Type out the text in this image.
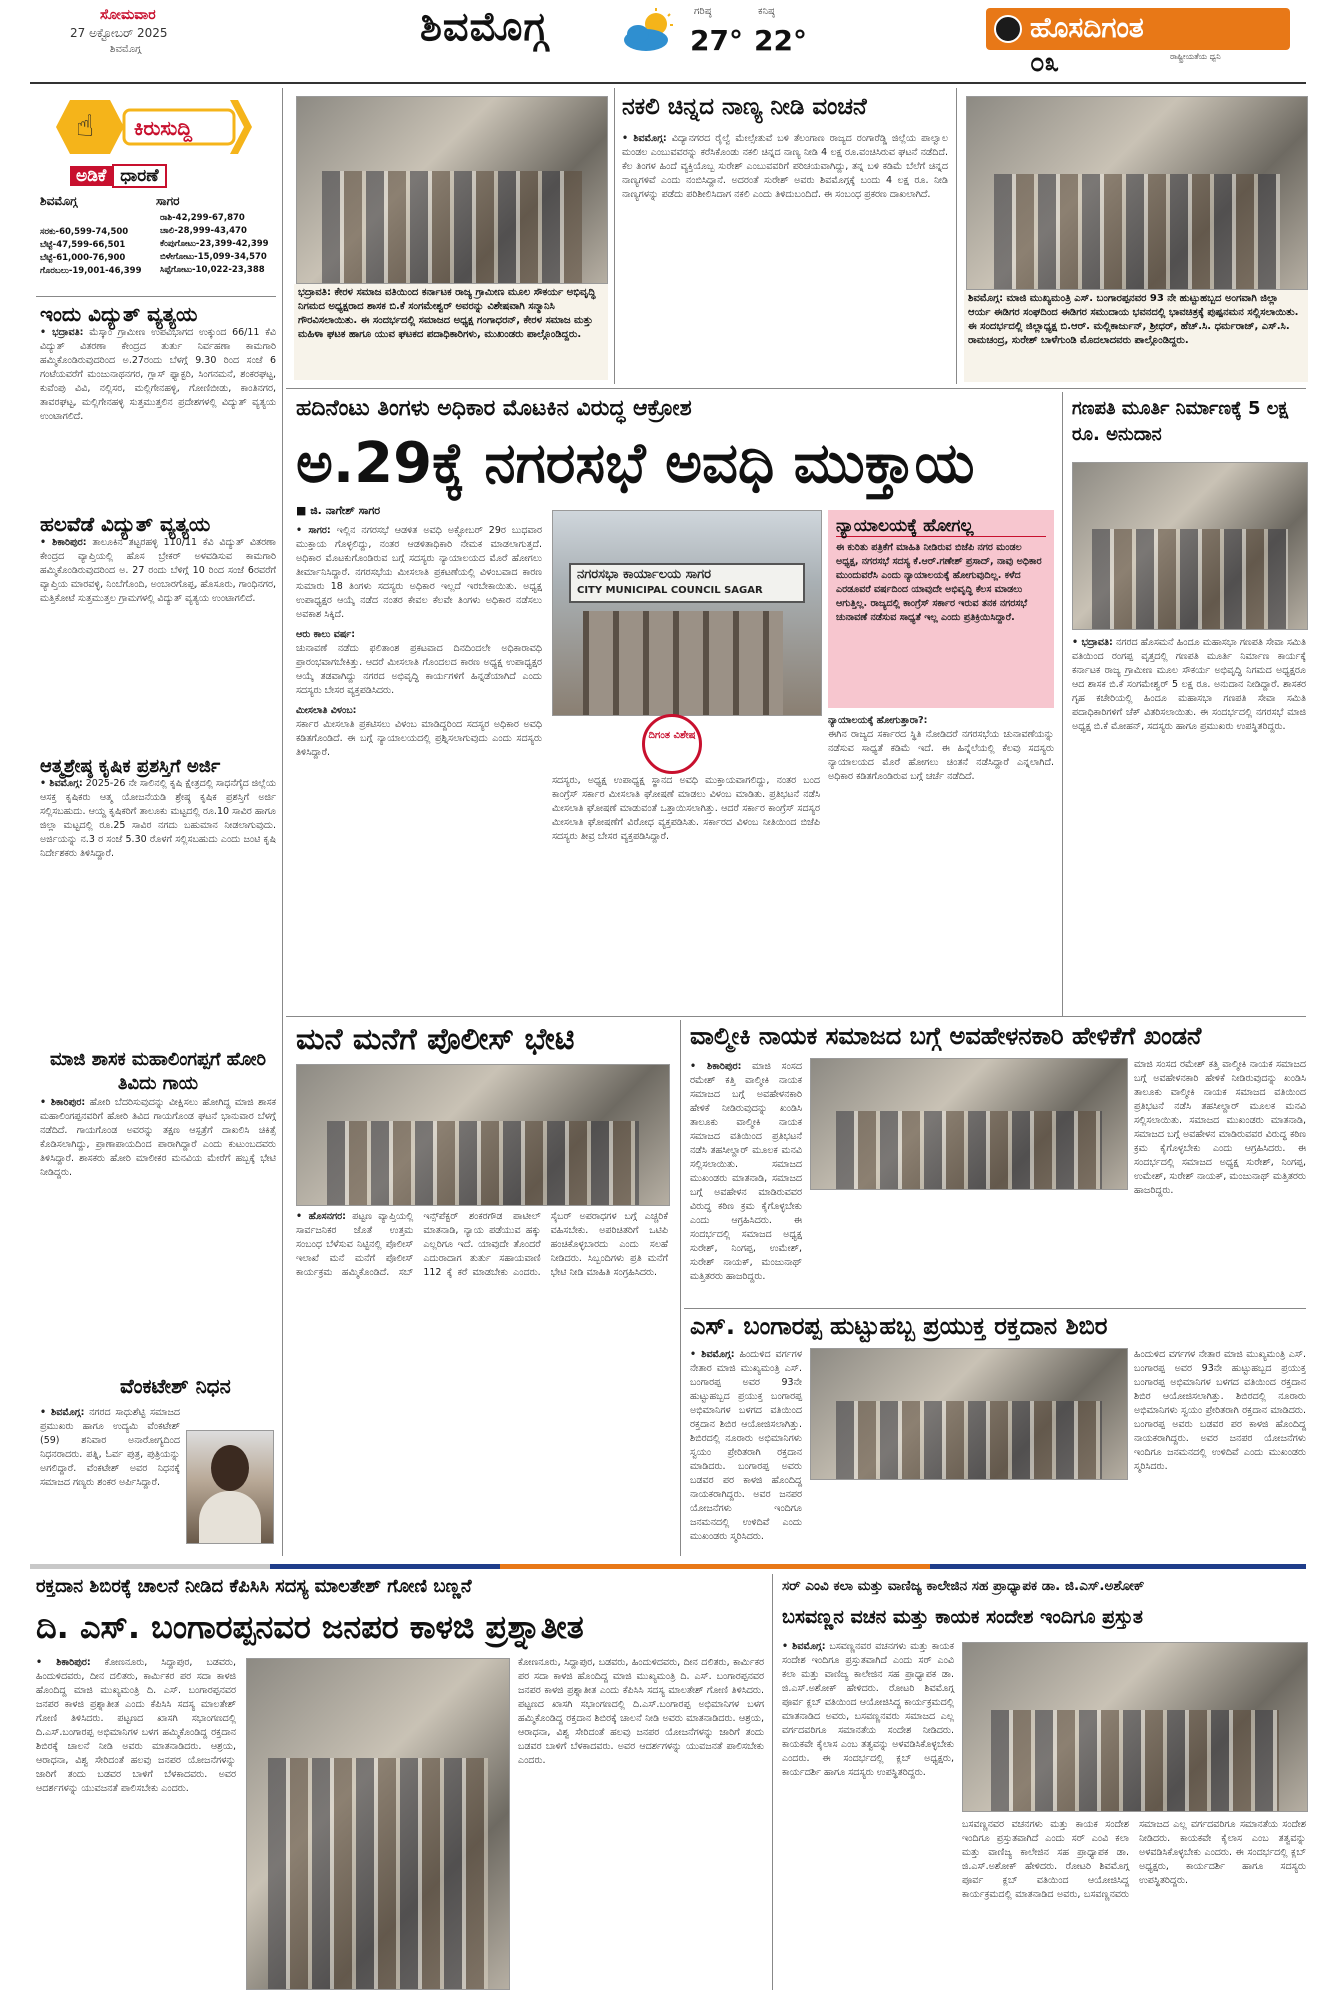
ಸೋಮವಾರ
27 ಅಕ್ಟೋಬರ್ 2025
ಶಿವಮೊಗ್ಗ	ಶಿವಮೊಗ್ಗ	ಗರಿಷ್ಠ
27°
ಕನಿಷ್ಠ
22°	ಹೊಸದಿಗಂತ
ರಾಷ್ಟ್ರೀಯತೆಯ ಧ್ವನಿ
೦೩
☝ ಕಿರುಸುದ್ದಿ
ಅಡಿಕೆ ಧಾರಣೆ
ಶಿವಮೊಗ್ಗ	ಸಾಗರ
ಸರಕು-60,599-74,500
ಬೆಟ್ಟೆ-47,599-66,501
ಬೆಟ್ಟೆ-61,000-76,900
ಗೊರಬಲು-19,001-46,399
ರಾಶಿ-42,299-67,870
ಚಾಲಿ-28,999-43,470
ಕೆಂಪುಗೋಟು-23,399-42,399
ಬಿಳೇಗೋಟು-15,099-34,570
ಸಿಪ್ಪೆಗೋಟು-10,022-23,388
ಇಂದು ವಿದ್ಯುತ್ ವ್ಯತ್ಯಯ
• ಭದ್ರಾವತಿ: ಮೆಸ್ಕಾಂ ಗ್ರಾಮೀಣ ಉಪವಿಭಾಗದ ಉಕ್ಕುಂದ 66/11 ಕೆವಿ ವಿದ್ಯುತ್ ವಿತರಣಾ ಕೇಂದ್ರದ ತುರ್ತು ನಿರ್ವಹಣಾ ಕಾಮಗಾರಿ ಹಮ್ಮಿಕೊಂಡಿರುವುದರಿಂದ ಅ.27ರಂದು ಬೆಳಗ್ಗೆ 9.30 ರಿಂದ ಸಂಜೆ 6 ಗಂಟೆಯವರೆಗೆ ಮಂಜುನಾಥನಗರ, ಗ್ಲಾಸ್ ಫ್ಯಾಕ್ಟರಿ, ಸಿಂಗನಮನೆ, ಶಂಕರಘಟ್ಟ, ಕುವೆಂಪು ವಿವಿ, ನಲ್ಲಿಸರ, ಮಲ್ಲಿಗೇನಹಳ್ಳಿ, ಗೋಣಿಬೀಡು, ಕಾಂತಿನಗರ, ತಾವರಘಟ್ಟ, ಮಲ್ಲಿಗೇನಹಳ್ಳಿ ಸುತ್ತಮುತ್ತಲಿನ ಪ್ರದೇಶಗಳಲ್ಲಿ ವಿದ್ಯುತ್ ವ್ಯತ್ಯಯ ಉಂಟಾಗಲಿದೆ.
ಹಲವೆಡೆ ವಿದ್ಯುತ್ ವ್ಯತ್ಯಯ
• ಶಿಕಾರಿಪುರ: ತಾಲೂಕಿನ ತಟ್ಟರಹಳ್ಳಿ 110/11 ಕೆವಿ ವಿದ್ಯುತ್ ವಿತರಣಾ ಕೇಂದ್ರದ ವ್ಯಾಪ್ತಿಯಲ್ಲಿ ಹೊಸ ಬ್ರೇಕರ್ ಅಳವಡಿಸುವ ಕಾಮಗಾರಿ ಹಮ್ಮಿಕೊಂಡಿರುವುದರಿಂದ ಅ. 27 ರಂದು ಬೆಳಿಗ್ಗೆ 10 ರಿಂದ ಸಂಜೆ 6ರವರೆಗೆ ವ್ಯಾಪ್ತಿಯ ಮಾರವಳ್ಳಿ, ನಿಂಬೆಗೊಂದಿ, ಅಂಬಾರಗೊಪ್ಪ, ಹೊಸೂರು, ಗಾಂಧಿನಗರ, ಮತ್ತಿಕೋಟೆ ಸುತ್ತಮುತ್ತಲ ಗ್ರಾಮಗಳಲ್ಲಿ ವಿದ್ಯುತ್ ವ್ಯತ್ಯಯ ಉಂಟಾಗಲಿದೆ.
ಆತ್ಮಶ್ರೇಷ್ಠ ಕೃಷಿಕ ಪ್ರಶಸ್ತಿಗೆ ಅರ್ಜಿ
• ಶಿವಮೊಗ್ಗ: 2025-26 ನೇ ಸಾಲಿನಲ್ಲಿ ಕೃಷಿ ಕ್ಷೇತ್ರದಲ್ಲಿ ಸಾಧನೆಗೈದ ಜಿಲ್ಲೆಯ ಆಸಕ್ತ ಕೃಷಿಕರು ಆತ್ಮ ಯೋಜನೆಯಡಿ ಶ್ರೇಷ್ಠ ಕೃಷಿಕ ಪ್ರಶಸ್ತಿಗೆ ಅರ್ಜಿ ಸಲ್ಲಿಸಬಹುದು. ಆಯ್ದ ಕೃಷಿಕರಿಗೆ ತಾಲೂಕು ಮಟ್ಟದಲ್ಲಿ ರೂ.10 ಸಾವಿರ ಹಾಗೂ ಜಿಲ್ಲಾ ಮಟ್ಟದಲ್ಲಿ ರೂ.25 ಸಾವಿರ ನಗದು ಬಹುಮಾನ ನೀಡಲಾಗುವುದು. ಅರ್ಜಿಯನ್ನು ನ.3 ರ ಸಂಜೆ 5.30 ರೊಳಗೆ ಸಲ್ಲಿಸಬಹುದು ಎಂದು ಜಂಟಿ ಕೃಷಿ ನಿರ್ದೇಶಕರು ತಿಳಿಸಿದ್ದಾರೆ.
ಮಾಜಿ ಶಾಸಕ ಮಹಾಲಿಂಗಪ್ಪಗೆ ಹೋರಿ ತಿವಿದು ಗಾಯ
• ಶಿಕಾರಿಪುರ: ಹೋರಿ ಬೆದರಿಸುವುದನ್ನು ವೀಕ್ಷಿಸಲು ಹೋಗಿದ್ದ ಮಾಜಿ ಶಾಸಕ ಮಹಾಲಿಂಗಪ್ಪನವರಿಗೆ ಹೋರಿ ತಿವಿದ ಗಾಯಗೊಂಡ ಘಟನೆ ಭಾನುವಾರ ಬೆಳಗ್ಗೆ ನಡೆದಿದೆ. ಗಾಯಗೊಂಡ ಅವರನ್ನು ತಕ್ಷಣ ಆಸ್ಪತ್ರೆಗೆ ದಾಖಲಿಸಿ ಚಿಕಿತ್ಸೆ ಕೊಡಿಸಲಾಗಿದ್ದು, ಪ್ರಾಣಾಪಾಯದಿಂದ ಪಾರಾಗಿದ್ದಾರೆ ಎಂದು ಕುಟುಂಬದವರು ತಿಳಿಸಿದ್ದಾರೆ. ಶಾಸಕರು ಹೋರಿ ಮಾಲೀಕರ ಮನವಿಯ ಮೇರೆಗೆ ಹಬ್ಬಕ್ಕೆ ಭೇಟಿ ನೀಡಿದ್ದರು.
ವೆಂಕಟೇಶ್ ನಿಧನ
• ಶಿವಮೊಗ್ಗ: ನಗರದ ಸಾಧುಶೆಟ್ಟಿ ಸಮಾಜದ ಪ್ರಮುಖರು ಹಾಗೂ ಉದ್ಯಮಿ ವೆಂಕಟೇಶ್ (59) ಶನಿವಾರ ಅನಾರೋಗ್ಯದಿಂದ ನಿಧನರಾದರು. ಪತ್ನಿ, ಓರ್ವ ಪುತ್ರ, ಪುತ್ರಿಯನ್ನು ಅಗಲಿದ್ದಾರೆ. ವೆಂಕಟೇಶ್ ಅವರ ನಿಧನಕ್ಕೆ ಸಮಾಜದ ಗಣ್ಯರು ಶಂಕರ ಅರ್ಪಿಸಿದ್ದಾರೆ.
ಭದ್ರಾವತಿ: ಕೇರಳ ಸಮಾಜ ವತಿಯಿಂದ ಕರ್ನಾಟಕ ರಾಜ್ಯ ಗ್ರಾಮೀಣ ಮೂಲ ಸೌಕರ್ಯ ಅಭಿವೃದ್ಧಿ ನಿಗಮದ ಅಧ್ಯಕ್ಷರಾದ ಶಾಸಕ ಬಿ.ಕೆ ಸಂಗಮೇಶ್ವರ್ ಅವರನ್ನು ವಿಶೇಷವಾಗಿ ಸನ್ಮಾನಿಸಿ ಗೌರವಿಸಲಾಯಿತು. ಈ ಸಂದರ್ಭದಲ್ಲಿ ಸಮಾಜದ ಅಧ್ಯಕ್ಷ ಗಂಗಾಧರನ್, ಕೇರಳ ಸಮಾಜ ಮತ್ತು ಮಹಿಳಾ ಘಟಕ ಹಾಗೂ ಯುವ ಘಟಕದ ಪದಾಧಿಕಾರಿಗಳು, ಮುಖಂಡರು ಪಾಲ್ಗೊಂಡಿದ್ದರು.
ನಕಲಿ ಚಿನ್ನದ ನಾಣ್ಯ ನೀಡಿ ವಂಚನೆ
• ಶಿವಮೊಗ್ಗ: ವಿದ್ಯಾನಗರದ ರೈಲ್ವೆ ಮೇಲ್ಸೇತುವೆ ಬಳಿ ತೆಲಂಗಾಣ ರಾಜ್ಯದ ರಂಗಾರೆಡ್ಡಿ ಜಿಲ್ಲೆಯ ಪಾಲ್ವಾಲ ಮಂಡಲ ಎಂಬುವವರನ್ನು ಕರೆಸಿಕೊಂಡು ನಕಲಿ ಚಿನ್ನದ ನಾಣ್ಯ ನೀಡಿ 4 ಲಕ್ಷ ರೂ.ವಂಚಿಸಿರುವ ಘಟನೆ ನಡೆದಿದೆ. ಕೆಲ ತಿಂಗಳ ಹಿಂದೆ ವ್ಯಕ್ತಿಯೊಬ್ಬ ಸುರೇಶ್ ಎಂಬುವವರಿಗೆ ಪರಿಚಯವಾಗಿದ್ದು, ತನ್ನ ಬಳಿ ಕಡಿಮೆ ಬೆಲೆಗೆ ಚಿನ್ನದ ನಾಣ್ಯಗಳಿವೆ ಎಂದು ನಂಬಿಸಿದ್ದಾನೆ. ಅದರಂತೆ ಸುರೇಶ್ ಅವರು ಶಿವಮೊಗ್ಗಕ್ಕೆ ಬಂದು 4 ಲಕ್ಷ ರೂ. ನೀಡಿ ನಾಣ್ಯಗಳನ್ನು ಪಡೆದು ಪರಿಶೀಲಿಸಿದಾಗ ನಕಲಿ ಎಂದು ತಿಳಿದುಬಂದಿದೆ. ಈ ಸಂಬಂಧ ಪ್ರಕರಣ ದಾಖಲಾಗಿದೆ.
ಶಿವಮೊಗ್ಗ: ಮಾಜಿ ಮುಖ್ಯಮಂತ್ರಿ ಎಸ್. ಬಂಗಾರಪ್ಪನವರ 93 ನೇ ಹುಟ್ಟುಹಬ್ಬದ ಅಂಗವಾಗಿ ಜಿಲ್ಲಾ ಆರ್ಯ ಈಡಿಗರ ಸಂಘದಿಂದ ಈಡಿಗರ ಸಮುದಾಯ ಭವನದಲ್ಲಿ ಭಾವಚಿತ್ರಕ್ಕೆ ಪುಷ್ಪನಮನ ಸಲ್ಲಿಸಲಾಯಿತು. ಈ ಸಂದರ್ಭದಲ್ಲಿ ಜಿಲ್ಲಾಧ್ಯಕ್ಷ ಬಿ.ಆರ್. ಮಲ್ಲಿಕಾರ್ಜುನ್, ಶ್ರೀಧರ್, ಹೆಚ್.ಸಿ. ಧರ್ಮರಾಜ್, ಎಸ್.ಸಿ. ರಾಮಚಂದ್ರ, ಸುರೇಶ್ ಬಾಳೆಗುಂಡಿ ಮೊದಲಾದವರು ಪಾಲ್ಗೊಂಡಿದ್ದರು.
ಹದಿನೆಂಟು ತಿಂಗಳು ಅಧಿಕಾರ ಮೊಟಕಿನ ವಿರುದ್ಧ ಆಕ್ರೋಶ
ಅ.29ಕ್ಕೆ ನಗರಸಭೆ ಅವಧಿ ಮುಕ್ತಾಯ
■ ಜಿ. ನಾಗೇಶ್ ಸಾಗರ
• ಸಾಗರ: ಇಲ್ಲಿನ ನಗರಸಭೆ ಆಡಳಿತ ಅವಧಿ ಅಕ್ಟೋಬರ್ 29ರ ಬುಧವಾರ ಮುಕ್ತಾಯ ಗೊಳ್ಳಲಿದ್ದು, ನಂತರ ಆಡಳಿತಾಧಿಕಾರಿ ನೇಮಕ ಮಾಡಲಾಗುತ್ತದೆ. ಅಧಿಕಾರ ಮೊಟಕುಗೊಂಡಿರುವ ಬಗ್ಗೆ ಸದಸ್ಯರು ನ್ಯಾಯಾಲಯದ ಮೊರೆ ಹೋಗಲು ತೀರ್ಮಾನಿಸಿದ್ದಾರೆ. ನಗರಸಭೆಯ ಮೀಸಲಾತಿ ಪ್ರಕಟಣೆಯಲ್ಲಿ ವಿಳಂಬವಾದ ಕಾರಣ ಸುಮಾರು 18 ತಿಂಗಳು ಸದಸ್ಯರು ಅಧಿಕಾರ ಇಲ್ಲದೆ ಇರಬೇಕಾಯಿತು. ಅಧ್ಯಕ್ಷ ಉಪಾಧ್ಯಕ್ಷರ ಆಯ್ಕೆ ನಡೆದ ನಂತರ ಕೇವಲ ಕೆಲವೇ ತಿಂಗಳು ಅಧಿಕಾರ ನಡೆಸಲು ಅವಕಾಶ ಸಿಕ್ಕಿದೆ.
ಆರು ಕಾಲು ವರ್ಷ:
ಚುನಾವಣೆ ನಡೆದು ಫಲಿತಾಂಶ ಪ್ರಕಟವಾದ ದಿನದಿಂದಲೇ ಅಧಿಕಾರಾವಧಿ ಪ್ರಾರಂಭವಾಗಬೇಕಿತ್ತು. ಆದರೆ ಮೀಸಲಾತಿ ಗೊಂದಲದ ಕಾರಣ ಅಧ್ಯಕ್ಷ ಉಪಾಧ್ಯಕ್ಷರ ಆಯ್ಕೆ ತಡವಾಗಿದ್ದು ನಗರದ ಅಭಿವೃದ್ಧಿ ಕಾರ್ಯಗಳಿಗೆ ಹಿನ್ನಡೆಯಾಗಿದೆ ಎಂದು ಸದಸ್ಯರು ಬೇಸರ ವ್ಯಕ್ತಪಡಿಸಿದರು.
ಮೀಸಲಾತಿ ವಿಳಂಬ:
ಸರ್ಕಾರ ಮೀಸಲಾತಿ ಪ್ರಕಟಿಸಲು ವಿಳಂಬ ಮಾಡಿದ್ದರಿಂದ ಸದಸ್ಯರ ಅಧಿಕಾರ ಅವಧಿ ಕಡಿತಗೊಂಡಿದೆ. ಈ ಬಗ್ಗೆ ನ್ಯಾಯಾಲಯದಲ್ಲಿ ಪ್ರಶ್ನಿಸಲಾಗುವುದು ಎಂದು ಸದಸ್ಯರು ತಿಳಿಸಿದ್ದಾರೆ.
ನಗರಸಭಾ ಕಾರ್ಯಾಲಯ ಸಾಗರ
CITY MUNICIPAL COUNCIL SAGAR
ದಿಗಂತ ವಿಶೇಷ
ಸದಸ್ಯರು, ಅಧ್ಯಕ್ಷ ಉಪಾಧ್ಯಕ್ಷ ಸ್ಥಾನದ ಅವಧಿ ಮುಕ್ತಾಯವಾಗಲಿದ್ದು, ನಂತರ ಬಂದ ಕಾಂಗ್ರೆಸ್ ಸರ್ಕಾರ ಮೀಸಲಾತಿ ಘೋಷಣೆ ಮಾಡಲು ವಿಳಂಬ ಮಾಡಿತು. ಪ್ರತಿಭಟನೆ ನಡೆಸಿ ಮೀಸಲಾತಿ ಘೋಷಣೆ ಮಾಡುವಂತೆ ಒತ್ತಾಯಿಸಲಾಗಿತ್ತು. ಆದರೆ ಸರ್ಕಾರ ಕಾಂಗ್ರೆಸ್ ಸದಸ್ಯರ ಮೀಸಲಾತಿ ಘೋಷಣೆಗೆ ವಿರೋಧ ವ್ಯಕ್ತಪಡಿಸಿತು. ಸರ್ಕಾರದ ವಿಳಂಬ ನೀತಿಯಿಂದ ಬಿಜೆಪಿ ಸದಸ್ಯರು ತೀವ್ರ ಬೇಸರ ವ್ಯಕ್ತಪಡಿಸಿದ್ದಾರೆ.
ನ್ಯಾಯಾಲಯಕ್ಕೆ ಹೋಗಲ್ಲ
ಈ ಕುರಿತು ಪತ್ರಿಕೆಗೆ ಮಾಹಿತಿ ನೀಡಿರುವ ಬಿಜೆಪಿ ನಗರ ಮಂಡಲ ಅಧ್ಯಕ್ಷ, ನಗರಸಭೆ ಸದಸ್ಯ ಕೆ.ಆರ್.ಗಣೇಶ್ ಪ್ರಸಾದ್, ನಾವು ಅಧಿಕಾರ ಮುಂದುವರೆಸಿ ಎಂದು ನ್ಯಾಯಾಲಯಕ್ಕೆ ಹೋಗುವುದಿಲ್ಲ. ಕಳೆದ ಎರಡೂವರೆ ವರ್ಷದಿಂದ ಯಾವುದೇ ಅಭಿವೃದ್ಧಿ ಕೆಲಸ ಮಾಡಲು ಆಗುತ್ತಿಲ್ಲ. ರಾಜ್ಯದಲ್ಲಿ ಕಾಂಗ್ರೆಸ್ ಸರ್ಕಾರ ಇರುವ ತನಕ ನಗರಸಭೆ ಚುನಾವಣೆ ನಡೆಸುವ ಸಾಧ್ಯತೆ ಇಲ್ಲ ಎಂದು ಪ್ರತಿಕ್ರಿಯಿಸಿದ್ದಾರೆ.
ನ್ಯಾಯಾಲಯಕ್ಕೆ ಹೋಗುತ್ತಾರಾ?:
ಈಗಿನ ರಾಜ್ಯದ ಸರ್ಕಾರದ ಸ್ಥಿತಿ ನೋಡಿದರೆ ನಗರಸಭೆಯ ಚುನಾವಣೆಯನ್ನು ನಡೆಸುವ ಸಾಧ್ಯತೆ ಕಡಿಮೆ ಇದೆ. ಈ ಹಿನ್ನೆಲೆಯಲ್ಲಿ ಕೆಲವು ಸದಸ್ಯರು ನ್ಯಾಯಾಲಯದ ಮೊರೆ ಹೋಗಲು ಚಿಂತನೆ ನಡೆಸಿದ್ದಾರೆ ಎನ್ನಲಾಗಿದೆ. ಅಧಿಕಾರ ಕಡಿತಗೊಂಡಿರುವ ಬಗ್ಗೆ ಚರ್ಚೆ ನಡೆದಿದೆ.
ಗಣಪತಿ ಮೂರ್ತಿ ನಿರ್ಮಾಣಕ್ಕೆ 5 ಲಕ್ಷ ರೂ. ಅನುದಾನ
• ಭದ್ರಾವತಿ: ನಗರದ ಹೊಸಮನೆ ಹಿಂದೂ ಮಹಾಸಭಾ ಗಣಪತಿ ಸೇವಾ ಸಮಿತಿ ವತಿಯಿಂದ ರಂಗಪ್ಪ ವೃತ್ತದಲ್ಲಿ ಗಣಪತಿ ಮೂರ್ತಿ ನಿರ್ಮಾಣ ಕಾರ್ಯಕ್ಕೆ ಕರ್ನಾಟಕ ರಾಜ್ಯ ಗ್ರಾಮೀಣ ಮೂಲ ಸೌಕರ್ಯ ಅಭಿವೃದ್ಧಿ ನಿಗಮದ ಅಧ್ಯಕ್ಷರೂ ಆದ ಶಾಸಕ ಬಿ.ಕೆ ಸಂಗಮೇಶ್ವರ್ 5 ಲಕ್ಷ ರೂ. ಅನುದಾನ ನೀಡಿದ್ದಾರೆ. ಶಾಸಕರ ಗೃಹ ಕಚೇರಿಯಲ್ಲಿ ಹಿಂದೂ ಮಹಾಸಭಾ ಗಣಪತಿ ಸೇವಾ ಸಮಿತಿ ಪದಾಧಿಕಾರಿಗಳಿಗೆ ಚೆಕ್ ವಿತರಿಸಲಾಯಿತು. ಈ ಸಂದರ್ಭದಲ್ಲಿ ನಗರಸಭೆ ಮಾಜಿ ಅಧ್ಯಕ್ಷ ಬಿ.ಕೆ ಮೋಹನ್, ಸದಸ್ಯರು ಹಾಗೂ ಪ್ರಮುಖರು ಉಪಸ್ಥಿತರಿದ್ದರು.
ಮನೆ ಮನೆಗೆ ಪೊಲೀಸ್ ಭೇಟಿ
• ಹೊಸನಗರ: ಪಟ್ಟಣ ವ್ಯಾಪ್ತಿಯಲ್ಲಿ ಸಾರ್ವಜನಿಕರ ಜೊತೆ ಉತ್ತಮ ಸಂಬಂಧ ಬೆಳೆಸುವ ನಿಟ್ಟಿನಲ್ಲಿ ಪೊಲೀಸ್ ಇಲಾಖೆ ಮನೆ ಮನೆಗೆ ಪೊಲೀಸ್ ಕಾರ್ಯಕ್ರಮ ಹಮ್ಮಿಕೊಂಡಿದೆ. ಸಬ್ ಇನ್ಸ್‌ಪೆಕ್ಟರ್ ಶಂಕರಗೌಡ ಪಾಟೀಲ್ ಮಾತನಾಡಿ, ನ್ಯಾಯ ಪಡೆಯುವ ಹಕ್ಕು ಎಲ್ಲರಿಗೂ ಇದೆ. ಯಾವುದೇ ತೊಂದರೆ ಎದುರಾದಾಗ ತುರ್ತು ಸಹಾಯವಾಣಿ 112 ಕ್ಕೆ ಕರೆ ಮಾಡಬೇಕು ಎಂದರು. ಸೈಬರ್ ಅಪರಾಧಗಳ ಬಗ್ಗೆ ಎಚ್ಚರಿಕೆ ವಹಿಸಬೇಕು. ಅಪರಿಚಿತರಿಗೆ ಒಟಿಪಿ ಹಂಚಿಕೊಳ್ಳಬಾರದು ಎಂದು ಸಲಹೆ ನೀಡಿದರು. ಸಿಬ್ಬಂದಿಗಳು ಪ್ರತಿ ಮನೆಗೆ ಭೇಟಿ ನೀಡಿ ಮಾಹಿತಿ ಸಂಗ್ರಹಿಸಿದರು.
ವಾಲ್ಮೀಕಿ ನಾಯಕ ಸಮಾಜದ ಬಗ್ಗೆ ಅವಹೇಳನಕಾರಿ ಹೇಳಿಕೆಗೆ ಖಂಡನೆ
• ಶಿಕಾರಿಪುರ: ಮಾಜಿ ಸಂಸದ ರಮೇಶ್ ಕತ್ತಿ ವಾಲ್ಮೀಕಿ ನಾಯಕ ಸಮಾಜದ ಬಗ್ಗೆ ಅವಹೇಳನಕಾರಿ ಹೇಳಿಕೆ ನೀಡಿರುವುದನ್ನು ಖಂಡಿಸಿ ತಾಲೂಕು ವಾಲ್ಮೀಕಿ ನಾಯಕ ಸಮಾಜದ ವತಿಯಿಂದ ಪ್ರತಿಭಟನೆ ನಡೆಸಿ ತಹಸೀಲ್ದಾರ್ ಮೂಲಕ ಮನವಿ ಸಲ್ಲಿಸಲಾಯಿತು. ಸಮಾಜದ ಮುಖಂಡರು ಮಾತನಾಡಿ, ಸಮಾಜದ ಬಗ್ಗೆ ಅವಹೇಳನ ಮಾಡಿರುವವರ ವಿರುದ್ಧ ಕಠಿಣ ಕ್ರಮ ಕೈಗೊಳ್ಳಬೇಕು ಎಂದು ಆಗ್ರಹಿಸಿದರು. ಈ ಸಂದರ್ಭದಲ್ಲಿ ಸಮಾಜದ ಅಧ್ಯಕ್ಷ ಸುರೇಶ್, ನಿಂಗಪ್ಪ, ಉಮೇಶ್, ಸುರೇಶ್ ನಾಯಕ್, ಮಂಜುನಾಥ್ ಮತ್ತಿತರರು ಹಾಜರಿದ್ದರು.
ಮಾಜಿ ಸಂಸದ ರಮೇಶ್ ಕತ್ತಿ ವಾಲ್ಮೀಕಿ ನಾಯಕ ಸಮಾಜದ ಬಗ್ಗೆ ಅವಹೇಳನಕಾರಿ ಹೇಳಿಕೆ ನೀಡಿರುವುದನ್ನು ಖಂಡಿಸಿ ತಾಲೂಕು ವಾಲ್ಮೀಕಿ ನಾಯಕ ಸಮಾಜದ ವತಿಯಿಂದ ಪ್ರತಿಭಟನೆ ನಡೆಸಿ ತಹಸೀಲ್ದಾರ್ ಮೂಲಕ ಮನವಿ ಸಲ್ಲಿಸಲಾಯಿತು. ಸಮಾಜದ ಮುಖಂಡರು ಮಾತನಾಡಿ, ಸಮಾಜದ ಬಗ್ಗೆ ಅವಹೇಳನ ಮಾಡಿರುವವರ ವಿರುದ್ಧ ಕಠಿಣ ಕ್ರಮ ಕೈಗೊಳ್ಳಬೇಕು ಎಂದು ಆಗ್ರಹಿಸಿದರು. ಈ ಸಂದರ್ಭದಲ್ಲಿ ಸಮಾಜದ ಅಧ್ಯಕ್ಷ ಸುರೇಶ್, ನಿಂಗಪ್ಪ, ಉಮೇಶ್, ಸುರೇಶ್ ನಾಯಕ್, ಮಂಜುನಾಥ್ ಮತ್ತಿತರರು ಹಾಜರಿದ್ದರು.
ಎಸ್. ಬಂಗಾರಪ್ಪ ಹುಟ್ಟುಹಬ್ಬ ಪ್ರಯುಕ್ತ ರಕ್ತದಾನ ಶಿಬಿರ
• ಶಿವಮೊಗ್ಗ: ಹಿಂದುಳಿದ ವರ್ಗಗಳ ನೇತಾರ ಮಾಜಿ ಮುಖ್ಯಮಂತ್ರಿ ಎಸ್. ಬಂಗಾರಪ್ಪ ಅವರ 93ನೇ ಹುಟ್ಟುಹಬ್ಬದ ಪ್ರಯುಕ್ತ ಬಂಗಾರಪ್ಪ ಅಭಿಮಾನಿಗಳ ಬಳಗದ ವತಿಯಿಂದ ರಕ್ತದಾನ ಶಿಬಿರ ಆಯೋಜಿಸಲಾಗಿತ್ತು. ಶಿಬಿರದಲ್ಲಿ ನೂರಾರು ಅಭಿಮಾನಿಗಳು ಸ್ವಯಂ ಪ್ರೇರಿತರಾಗಿ ರಕ್ತದಾನ ಮಾಡಿದರು. ಬಂಗಾರಪ್ಪ ಅವರು ಬಡವರ ಪರ ಕಾಳಜಿ ಹೊಂದಿದ್ದ ನಾಯಕರಾಗಿದ್ದರು. ಅವರ ಜನಪರ ಯೋಜನೆಗಳು ಇಂದಿಗೂ ಜನಮನದಲ್ಲಿ ಉಳಿದಿವೆ ಎಂದು ಮುಖಂಡರು ಸ್ಮರಿಸಿದರು.
ಹಿಂದುಳಿದ ವರ್ಗಗಳ ನೇತಾರ ಮಾಜಿ ಮುಖ್ಯಮಂತ್ರಿ ಎಸ್. ಬಂಗಾರಪ್ಪ ಅವರ 93ನೇ ಹುಟ್ಟುಹಬ್ಬದ ಪ್ರಯುಕ್ತ ಬಂಗಾರಪ್ಪ ಅಭಿಮಾನಿಗಳ ಬಳಗದ ವತಿಯಿಂದ ರಕ್ತದಾನ ಶಿಬಿರ ಆಯೋಜಿಸಲಾಗಿತ್ತು. ಶಿಬಿರದಲ್ಲಿ ನೂರಾರು ಅಭಿಮಾನಿಗಳು ಸ್ವಯಂ ಪ್ರೇರಿತರಾಗಿ ರಕ್ತದಾನ ಮಾಡಿದರು. ಬಂಗಾರಪ್ಪ ಅವರು ಬಡವರ ಪರ ಕಾಳಜಿ ಹೊಂದಿದ್ದ ನಾಯಕರಾಗಿದ್ದರು. ಅವರ ಜನಪರ ಯೋಜನೆಗಳು ಇಂದಿಗೂ ಜನಮನದಲ್ಲಿ ಉಳಿದಿವೆ ಎಂದು ಮುಖಂಡರು ಸ್ಮರಿಸಿದರು.
ರಕ್ತದಾನ ಶಿಬಿರಕ್ಕೆ ಚಾಲನೆ ನೀಡಿದ ಕೆಪಿಸಿಸಿ ಸದಸ್ಯ ಮಾಲತೇಶ್ ಗೋಣಿ ಬಣ್ಣನೆ
ದಿ. ಎಸ್. ಬಂಗಾರಪ್ಪನವರ ಜನಪರ ಕಾಳಜಿ ಪ್ರಶ್ನಾತೀತ
• ಶಿಕಾರಿಪುರ: ಕೋಣನೂರು, ಸಿದ್ದಾಪುರ, ಬಡವರು, ಹಿಂದುಳಿದವರು, ದೀನ ದಲಿತರು, ಕಾರ್ಮಿಕರ ಪರ ಸದಾ ಕಾಳಜಿ ಹೊಂದಿದ್ದ ಮಾಜಿ ಮುಖ್ಯಮಂತ್ರಿ ದಿ. ಎಸ್. ಬಂಗಾರಪ್ಪನವರ ಜನಪರ ಕಾಳಜಿ ಪ್ರಶ್ನಾತೀತ ಎಂದು ಕೆಪಿಸಿಸಿ ಸದಸ್ಯ ಮಾಲತೇಶ್ ಗೋಣಿ ತಿಳಿಸಿದರು. ಪಟ್ಟಣದ ಖಾಸಗಿ ಸಭಾಂಗಣದಲ್ಲಿ ದಿ.ಎಸ್.ಬಂಗಾರಪ್ಪ ಅಭಿಮಾನಿಗಳ ಬಳಗ ಹಮ್ಮಿಕೊಂಡಿದ್ದ ರಕ್ತದಾನ ಶಿಬಿರಕ್ಕೆ ಚಾಲನೆ ನೀಡಿ ಅವರು ಮಾತನಾಡಿದರು. ಆಶ್ರಯ, ಆರಾಧನಾ, ವಿಶ್ವ ಸೇರಿದಂತೆ ಹಲವು ಜನಪರ ಯೋಜನೆಗಳನ್ನು ಜಾರಿಗೆ ತಂದು ಬಡವರ ಬಾಳಿಗೆ ಬೆಳಕಾದವರು. ಅವರ ಆದರ್ಶಗಳನ್ನು ಯುವಜನತೆ ಪಾಲಿಸಬೇಕು ಎಂದರು.
ಕೋಣನೂರು, ಸಿದ್ದಾಪುರ, ಬಡವರು, ಹಿಂದುಳಿದವರು, ದೀನ ದಲಿತರು, ಕಾರ್ಮಿಕರ ಪರ ಸದಾ ಕಾಳಜಿ ಹೊಂದಿದ್ದ ಮಾಜಿ ಮುಖ್ಯಮಂತ್ರಿ ದಿ. ಎಸ್. ಬಂಗಾರಪ್ಪನವರ ಜನಪರ ಕಾಳಜಿ ಪ್ರಶ್ನಾತೀತ ಎಂದು ಕೆಪಿಸಿಸಿ ಸದಸ್ಯ ಮಾಲತೇಶ್ ಗೋಣಿ ತಿಳಿಸಿದರು. ಪಟ್ಟಣದ ಖಾಸಗಿ ಸಭಾಂಗಣದಲ್ಲಿ ದಿ.ಎಸ್.ಬಂಗಾರಪ್ಪ ಅಭಿಮಾನಿಗಳ ಬಳಗ ಹಮ್ಮಿಕೊಂಡಿದ್ದ ರಕ್ತದಾನ ಶಿಬಿರಕ್ಕೆ ಚಾಲನೆ ನೀಡಿ ಅವರು ಮಾತನಾಡಿದರು. ಆಶ್ರಯ, ಆರಾಧನಾ, ವಿಶ್ವ ಸೇರಿದಂತೆ ಹಲವು ಜನಪರ ಯೋಜನೆಗಳನ್ನು ಜಾರಿಗೆ ತಂದು ಬಡವರ ಬಾಳಿಗೆ ಬೆಳಕಾದವರು. ಅವರ ಆದರ್ಶಗಳನ್ನು ಯುವಜನತೆ ಪಾಲಿಸಬೇಕು ಎಂದರು.
ಸರ್ ಎಂವಿ ಕಲಾ ಮತ್ತು ವಾಣಿಜ್ಯ ಕಾಲೇಜಿನ ಸಹ ಪ್ರಾಧ್ಯಾಪಕ ಡಾ. ಜಿ.ಎಸ್.ಅಶೋಕ್
ಬಸವಣ್ಣನ ವಚನ ಮತ್ತು ಕಾಯಕ ಸಂದೇಶ ಇಂದಿಗೂ ಪ್ರಸ್ತುತ
• ಶಿವಮೊಗ್ಗ: ಬಸವಣ್ಣನವರ ವಚನಗಳು ಮತ್ತು ಕಾಯಕ ಸಂದೇಶ ಇಂದಿಗೂ ಪ್ರಸ್ತುತವಾಗಿದೆ ಎಂದು ಸರ್ ಎಂವಿ ಕಲಾ ಮತ್ತು ವಾಣಿಜ್ಯ ಕಾಲೇಜಿನ ಸಹ ಪ್ರಾಧ್ಯಾಪಕ ಡಾ. ಜಿ.ಎಸ್.ಅಶೋಕ್ ಹೇಳಿದರು. ರೋಟರಿ ಶಿವಮೊಗ್ಗ ಪೂರ್ವ ಕ್ಲಬ್ ವತಿಯಿಂದ ಆಯೋಜಿಸಿದ್ದ ಕಾರ್ಯಕ್ರಮದಲ್ಲಿ ಮಾತನಾಡಿದ ಅವರು, ಬಸವಣ್ಣನವರು ಸಮಾಜದ ಎಲ್ಲ ವರ್ಗದವರಿಗೂ ಸಮಾನತೆಯ ಸಂದೇಶ ನೀಡಿದರು. ಕಾಯಕವೇ ಕೈಲಾಸ ಎಂಬ ತತ್ವವನ್ನು ಅಳವಡಿಸಿಕೊಳ್ಳಬೇಕು ಎಂದರು. ಈ ಸಂದರ್ಭದಲ್ಲಿ ಕ್ಲಬ್ ಅಧ್ಯಕ್ಷರು, ಕಾರ್ಯದರ್ಶಿ ಹಾಗೂ ಸದಸ್ಯರು ಉಪಸ್ಥಿತರಿದ್ದರು.
ಬಸವಣ್ಣನವರ ವಚನಗಳು ಮತ್ತು ಕಾಯಕ ಸಂದೇಶ ಇಂದಿಗೂ ಪ್ರಸ್ತುತವಾಗಿದೆ ಎಂದು ಸರ್ ಎಂವಿ ಕಲಾ ಮತ್ತು ವಾಣಿಜ್ಯ ಕಾಲೇಜಿನ ಸಹ ಪ್ರಾಧ್ಯಾಪಕ ಡಾ. ಜಿ.ಎಸ್.ಅಶೋಕ್ ಹೇಳಿದರು. ರೋಟರಿ ಶಿವಮೊಗ್ಗ ಪೂರ್ವ ಕ್ಲಬ್ ವತಿಯಿಂದ ಆಯೋಜಿಸಿದ್ದ ಕಾರ್ಯಕ್ರಮದಲ್ಲಿ ಮಾತನಾಡಿದ ಅವರು, ಬಸವಣ್ಣನವರು ಸಮಾಜದ ಎಲ್ಲ ವರ್ಗದವರಿಗೂ ಸಮಾನತೆಯ ಸಂದೇಶ ನೀಡಿದರು. ಕಾಯಕವೇ ಕೈಲಾಸ ಎಂಬ ತತ್ವವನ್ನು ಅಳವಡಿಸಿಕೊಳ್ಳಬೇಕು ಎಂದರು. ಈ ಸಂದರ್ಭದಲ್ಲಿ ಕ್ಲಬ್ ಅಧ್ಯಕ್ಷರು, ಕಾರ್ಯದರ್ಶಿ ಹಾಗೂ ಸದಸ್ಯರು ಉಪಸ್ಥಿತರಿದ್ದರು.
